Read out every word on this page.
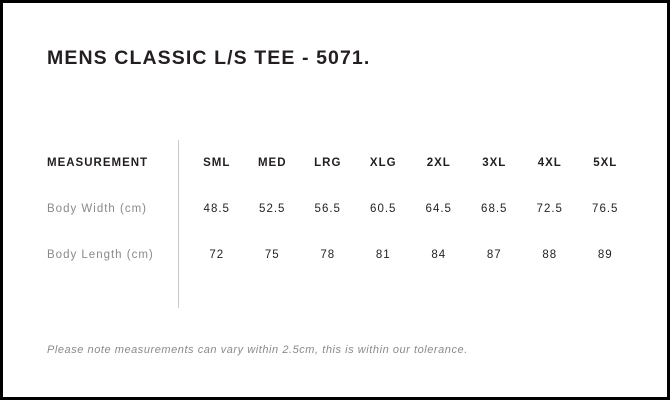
MENS CLASSIC L/S TEE - 5071.
MEASUREMENT	SML	MED	LRG	XLG	2XL	3XL	4XL	5XL
Body Width (cm)	48.5	52.5	56.5	60.5	64.5	68.5	72.5	76.5
Body Length (cm)	72	75	78	81	84	87	88	89
Please note measurements can vary within 2.5cm, this is within our tolerance.
